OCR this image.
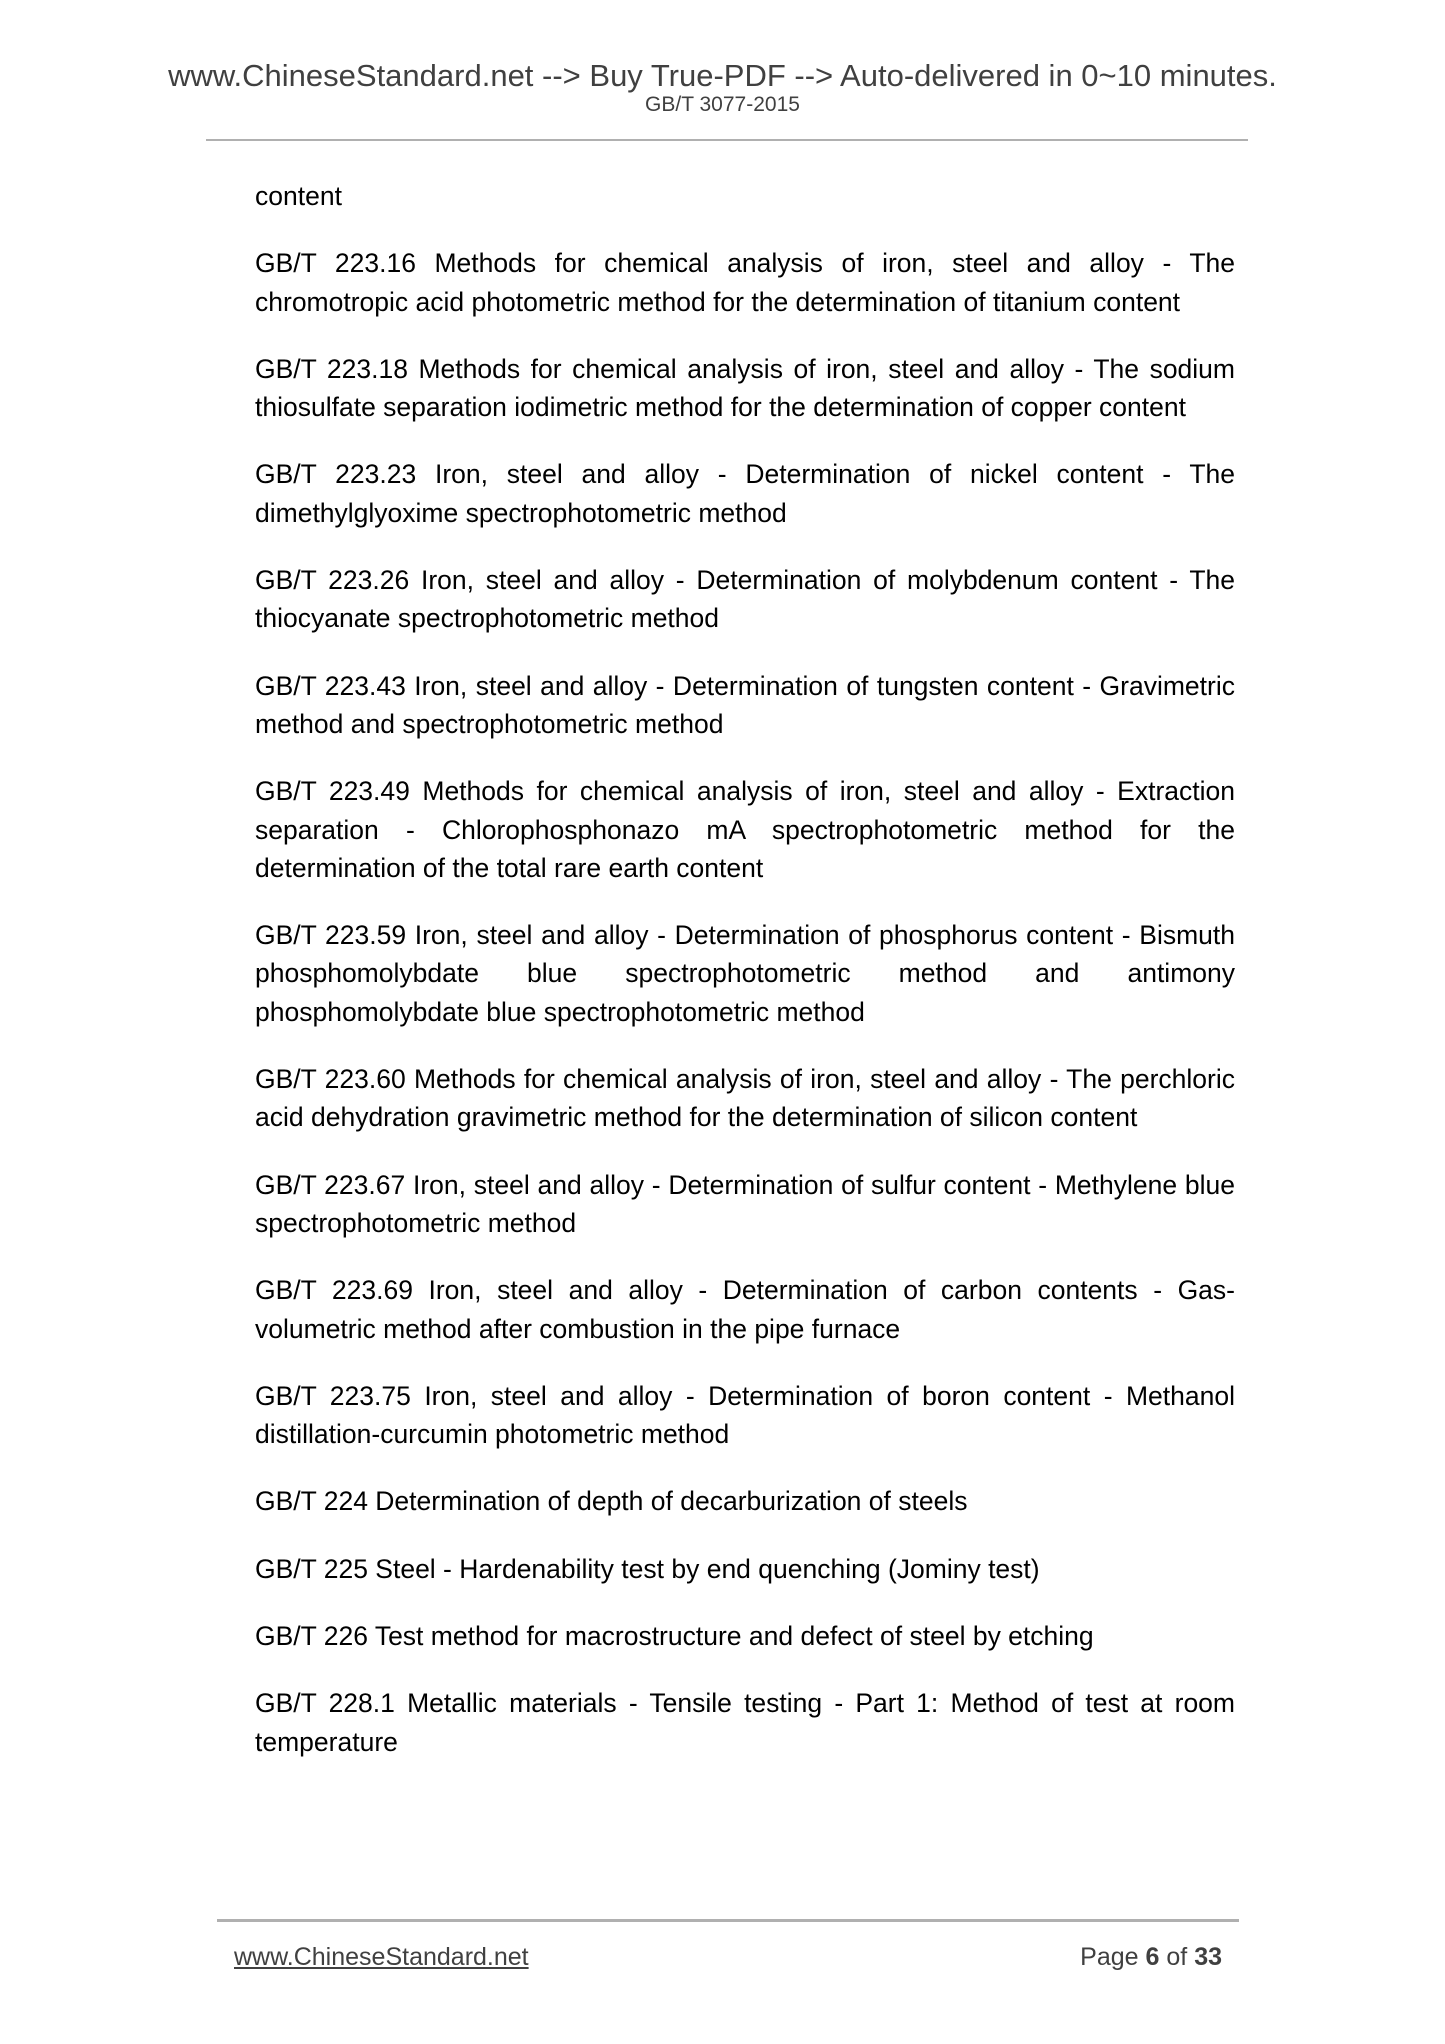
www.ChineseStandard.net --> Buy True-PDF --> Auto-delivered in 0~10 minutes.
GB/T 3077-2015

content

GB/T 223.16 Methods for chemical analysis of iron, steel and alloy - The chromotropic acid photometric method for the determination of titanium content

GB/T 223.18 Methods for chemical analysis of iron, steel and alloy - The sodium thiosulfate separation iodimetric method for the determination of copper content

GB/T 223.23 Iron, steel and alloy - Determination of nickel content - The dimethylglyoxime spectrophotometric method

GB/T 223.26 Iron, steel and alloy - Determination of molybdenum content - The thiocyanate spectrophotometric method

GB/T 223.43 Iron, steel and alloy - Determination of tungsten content - Gravimetric method and spectrophotometric method

GB/T 223.49 Methods for chemical analysis of iron, steel and alloy - Extraction separation - Chlorophosphonazo mA spectrophotometric method for the determination of the total rare earth content

GB/T 223.59 Iron, steel and alloy - Determination of phosphorus content - Bismuth phosphomolybdate blue spectrophotometric method and antimony phosphomolybdate blue spectrophotometric method

GB/T 223.60 Methods for chemical analysis of iron, steel and alloy - The perchloric acid dehydration gravimetric method for the determination of silicon content

GB/T 223.67 Iron, steel and alloy - Determination of sulfur content - Methylene blue spectrophotometric method

GB/T 223.69 Iron, steel and alloy - Determination of carbon contents - Gas-volumetric method after combustion in the pipe furnace

GB/T 223.75 Iron, steel and alloy - Determination of boron content - Methanol distillation-curcumin photometric method

GB/T 224 Determination of depth of decarburization of steels

GB/T 225 Steel - Hardenability test by end quenching (Jominy test)

GB/T 226 Test method for macrostructure and defect of steel by etching

GB/T 228.1 Metallic materials - Tensile testing - Part 1: Method of test at room temperature

www.ChineseStandard.net	Page 6 of 33
